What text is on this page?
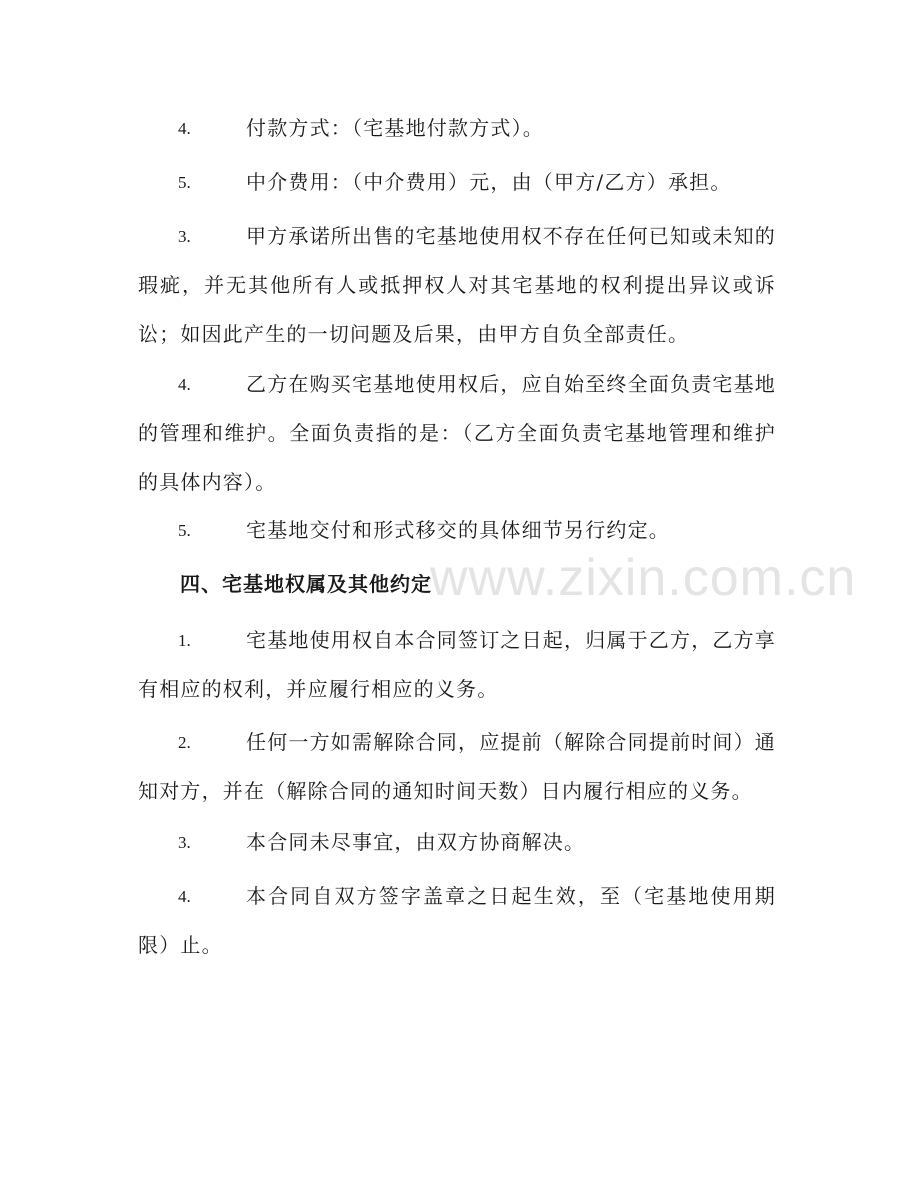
www.zixin.com.cn

4.	付款方式：（宅基地付款方式）。

5.	中介费用：（中介费用）元，由（甲方/乙方）承担。

3.	甲方承诺所出售的宅基地使用权不存在任何已知或未知的瑕疵，并无其他所有人或抵押权人对其宅基地的权利提出异议或诉讼；如因此产生的一切问题及后果，由甲方自负全部责任。

4.	乙方在购买宅基地使用权后，应自始至终全面负责宅基地的管理和维护。全面负责指的是：（乙方全面负责宅基地管理和维护的具体内容）。

5.	宅基地交付和形式移交的具体细节另行约定。

四、宅基地权属及其他约定

1.	宅基地使用权自本合同签订之日起，归属于乙方，乙方享有相应的权利，并应履行相应的义务。

2.	任何一方如需解除合同，应提前（解除合同提前时间）通知对方，并在（解除合同的通知时间天数）日内履行相应的义务。

3.	本合同未尽事宜，由双方协商解决。

4.	本合同自双方签字盖章之日起生效，至（宅基地使用期限）止。
